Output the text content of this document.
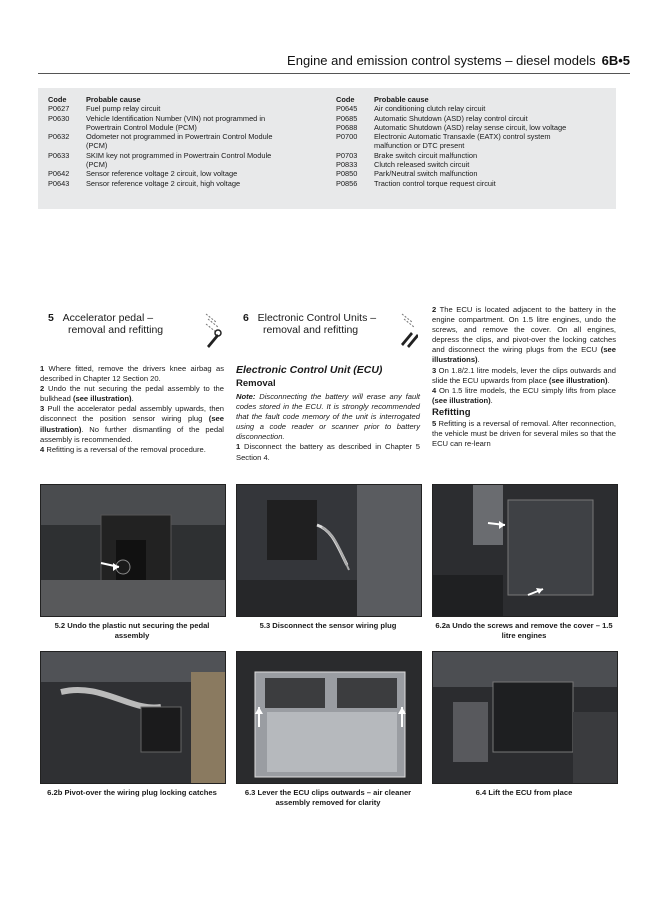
Engine and emission control systems – diesel models 6B•5
Code	Probable cause
P0627	Fuel pump relay circuit

P0630	Vehicle Identification Number (VIN) not programmed in
Powertrain Control Module (PCM)

P0632	Odometer not programmed in Powertrain Control Module
(PCM)

P0633	SKIM key not programmed in Powertrain Control Module
(PCM)

P0642	Sensor reference voltage 2 circuit, low voltage

P0643	Sensor reference voltage 2 circuit, high voltage
Code	Probable cause
P0645	Air conditioning clutch relay circuit

P0685	Automatic Shutdown (ASD) relay control circuit

P0688	Automatic Shutdown (ASD) relay sense circuit, low voltage

P0700	Electronic Automatic Transaxle (EATX) control system
malfunction or DTC present

P0703	Brake switch circuit malfunction

P0833	Clutch released switch circuit

P0850	Park/Neutral switch malfunction

P0856	Traction control torque request circuit
5 Accelerator pedal –
removal and refitting
6 Electronic Control Units –
removal and refitting

1 Where fitted, remove the drivers knee airbag as described in Chapter 12 Section 20.

2 Undo the nut securing the pedal assembly to the bulkhead (see illustration).

3 Pull the accelerator pedal assembly upwards, then disconnect the position sensor wiring plug (see illustration). No further dismantling of the pedal assembly is recommended.

4 Refitting is a reversal of the removal procedure.

Electronic Control Unit (ECU)

Removal

Note: Disconnecting the battery will erase any fault codes stored in the ECU. It is strongly recommended that the fault code memory of the unit is interrogated using a code reader or scanner prior to battery disconnection.

1 Disconnect the battery as described in Chapter 5 Section 4.

2 The ECU is located adjacent to the battery in the engine compartment. On 1.5 litre engines, undo the screws, and remove the cover. On all engines, depress the clips, and pivot-over the locking catches and disconnect the wiring plugs from the ECU (see illustrations).

3 On 1.8/2.1 litre models, lever the clips outwards and slide the ECU upwards from place (see illustration).

4 On 1.5 litre models, the ECU simply lifts from place (see illustration).

Refitting

5 Refitting is a reversal of removal. After reconnection, the vehicle must be driven for several miles so that the ECU can re-learn

5.2 Undo the plastic nut securing the pedal assembly
5.3 Disconnect the sensor wiring plug	6.2a Undo the screws and remove the cover – 1.5 litre engines
6.2b Pivot-over the wiring plug locking catches	6.3 Lever the ECU clips outwards – air cleaner assembly removed for clarity
6.4 Lift the ECU from place
